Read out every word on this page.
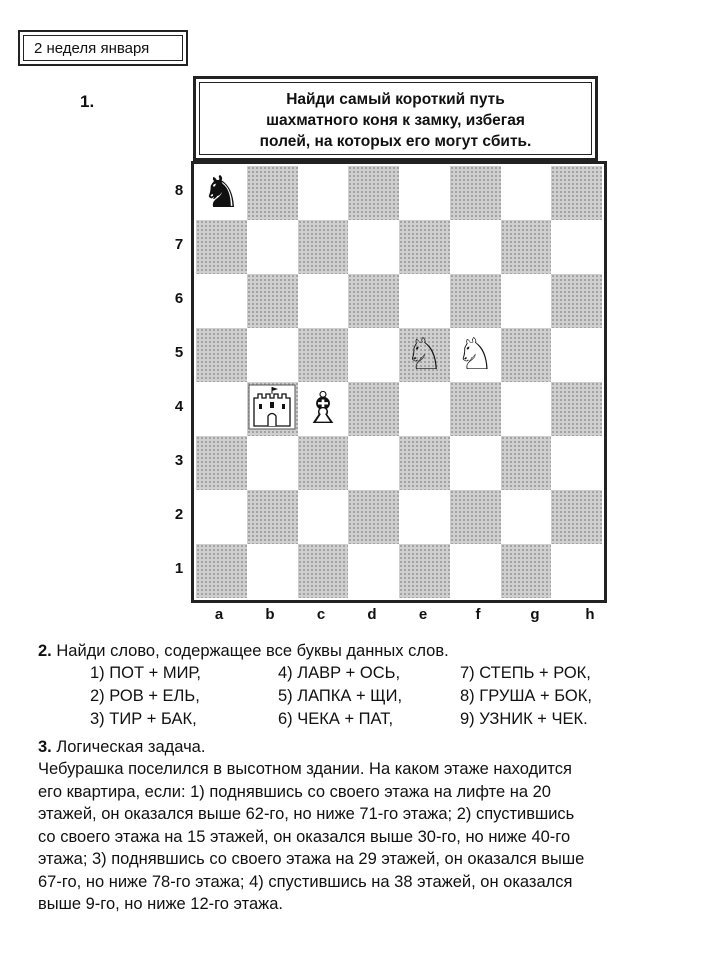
2 неделя января
1.	Найди самый короткий путь
шахматного коня к замку, избегая
полей, на которых его могут сбить.

8
7
6
5
4
3
2
1
♞
♘ ♘
♗
a	b	c	d	e	f	g	h
2. Найди слово, содержащее все буквы данных слов.
1) ПОТ + МИР,
2) РОВ + ЕЛЬ,
3) ТИР + БАК,
4) ЛАВР + ОСЬ,
5) ЛАПКА + ЩИ,
6) ЧЕКА + ПАТ,
7) СТЕПЬ + РОК,
8) ГРУША + БОК,
9) УЗНИК + ЧЕК.
3. Логическая задача.
Чебурашка поселился в высотном здании. На каком этаже находится
его квартира, если: 1) поднявшись со своего этажа на лифте на 20
этажей, он оказался выше 62-го, но ниже 71-го этажа; 2) спустившись
со своего этажа на 15 этажей, он оказался выше 30-го, но ниже 40-го
этажа; 3) поднявшись со своего этажа на 29 этажей, он оказался выше
67-го, но ниже 78-го этажа; 4) спустившись на 38 этажей, он оказался
выше 9-го, но ниже 12-го этажа.
